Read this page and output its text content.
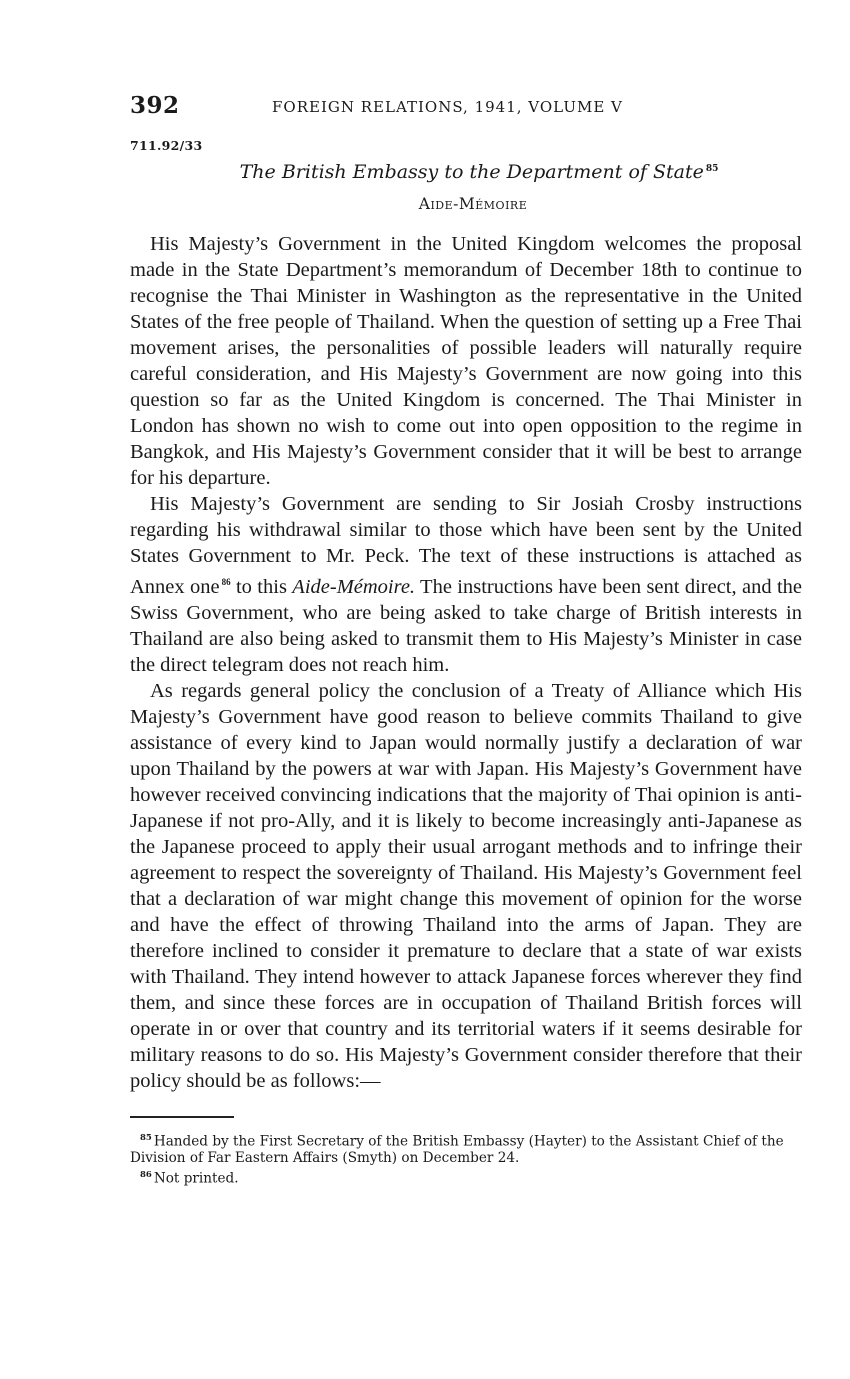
392	FOREIGN RELATIONS, 1941, VOLUME V
711.92/33
The British Embassy to the Department of State $^{85}$
Aide-Mémoire

His Majesty’s Government in the United Kingdom welcomes the proposal made in the State Department’s memorandum of December 18th to continue to recognise the Thai Minister in Washington as the representative in the United States of the free people of Thailand. When the question of setting up a Free Thai movement arises, the personalities of possible leaders will naturally require careful consideration, and His Majesty’s Government are now going into this question so far as the United Kingdom is concerned. The Thai Minister in London has shown no wish to come out into open opposition to the regime in Bangkok, and His Majesty’s Government consider that it will be best to arrange for his departure.

His Majesty’s Government are sending to Sir Josiah Crosby instructions regarding his withdrawal similar to those which have been sent by the United States Government to Mr. Peck. The text of these instructions is attached as Annex one $^{86}$ to this Aide-Mémoire. The instructions have been sent direct, and the Swiss Government, who are being asked to take charge of British interests in Thailand are also being asked to transmit them to His Majesty’s Minister in case the direct telegram does not reach him.

As regards general policy the conclusion of a Treaty of Alliance which His Majesty’s Government have good reason to believe commits Thailand to give assistance of every kind to Japan would normally justify a declaration of war upon Thailand by the powers at war with Japan. His Majesty’s Government have however received convincing indications that the majority of Thai opinion is anti-Japanese if not pro-Ally, and it is likely to become increasingly anti-Japanese as the Japanese proceed to apply their usual arrogant methods and to infringe their agreement to respect the sovereignty of Thailand. His Majesty’s Government feel that a declaration of war might change this movement of opinion for the worse and have the effect of throwing Thailand into the arms of Japan. They are therefore inclined to consider it premature to declare that a state of war exists with Thailand. They intend however to attack Japanese forces wherever they find them, and since these forces are in occupation of Thailand British forces will operate in or over that country and its territorial waters if it seems desirable for military reasons to do so. His Majesty’s Government consider therefore that their policy should be as follows:—

$^{85}$ Handed by the First Secretary of the British Embassy (Hayter) to the Assistant Chief of the Division of Far Eastern Affairs (Smyth) on December 24.

$^{86}$ Not printed.
